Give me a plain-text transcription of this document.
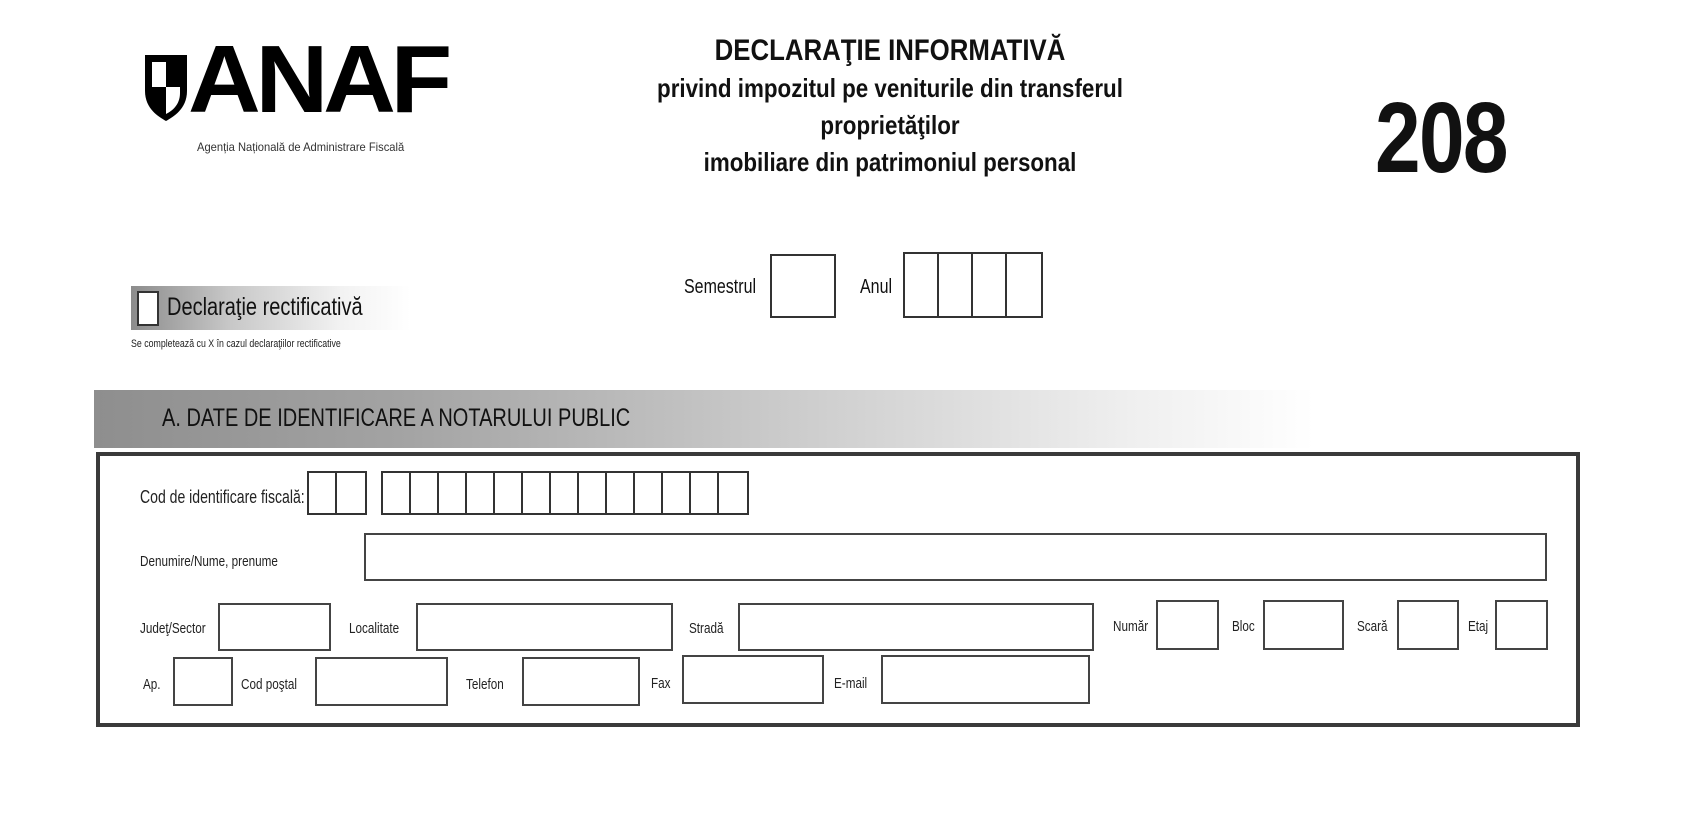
ANAF
Agenția Națională de Administrare Fiscală
DECLARAŢIE INFORMATIVĂ
privind impozitul pe veniturile din transferul proprietăţilor
imobiliare din patrimoniul personal	208
Semestrul	Anul
Declaraţie rectificativă
Se completează cu X în cazul declaraţiilor rectificative
A. DATE DE IDENTIFICARE A NOTARULUI PUBLIC
Cod de identificare fiscală:
Denumire/Nume, prenume
Judeţ/Sector	Localitate	Stradă	Număr	Bloc	Scară	Etaj
Ap.	Cod poştal	Telefon	Fax	E-mail
